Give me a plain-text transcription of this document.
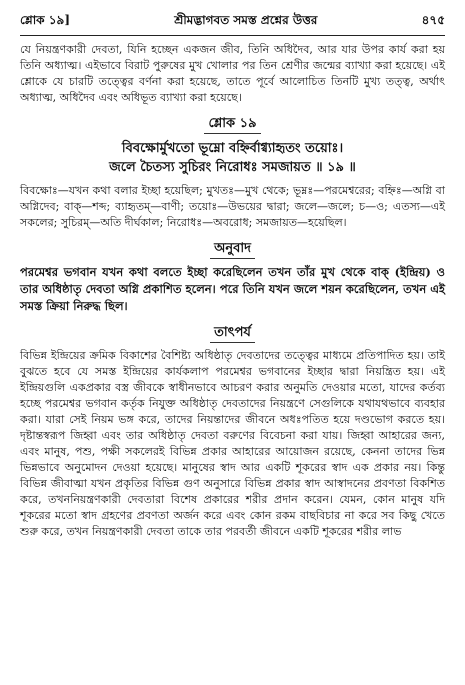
শ্লোক ১৯]	শ্রীমদ্ভাগবত সমস্ত প্রশ্নের উত্তর	৪৭৫

যে নিয়ন্ত্রণকারী দেবতা, যিনি হচ্ছেন একজন জীব, তিনি অধিদৈব, আর যার উপর কার্য করা হয় তিনি অধ্যাত্ম। এইভাবে বিরাট পুরুষের মুখ খোলার পর তিন শ্রেণীর জন্মের ব্যাখ্যা করা হয়েছে। এই শ্লোকে যে চারটি তত্ত্বের বর্ণনা করা হয়েছে, তাতে পূর্বে আলোচিত তিনটি মুখ্য তত্ত্ব, অর্থাৎ অধ্যাত্ম, অধিদৈব এবং অধিভূত ব্যাখ্যা করা হয়েছে।

শ্লোক ১৯
বিবক্ষোর্মুখতো ভূম্নো বহ্নির্বাগ্ব্যাহৃতং তয়োঃ।
জলে চৈতস্য সুচিরং নিরোধঃ সমজায়ত ॥ ১৯ ॥
বিবক্ষোঃ—যখন কথা বলার ইচ্ছা হয়েছিল; মুখতঃ—মুখ থেকে; ভূম্নঃ—পরমেশ্বরের; বহ্নিঃ—অগ্নি বা অগ্নিদেব; বাক্—শব্দ; ব্যাহৃতম্—বাণী; তয়োঃ—উভয়ের দ্বারা; জলে—জলে; চ—ও; এতস্য—এই সকলের; সুচিরম্—অতি দীর্ঘকাল; নিরোধঃ—অবরোধ; সমজায়ত—হয়েছিল।
অনুবাদ
পরমেশ্বর ভগবান যখন কথা বলতে ইচ্ছা করেছিলেন তখন তাঁর মুখ থেকে বাক্ (ইন্দ্রিয়) ও তার অধিষ্ঠাতৃ দেবতা অগ্নি প্রকাশিত হলেন। পরে তিনি যখন জলে শয়ন করেছিলেন, তখন এই সমস্ত ক্রিয়া নিরুদ্ধ ছিল।
তাৎপর্য

বিভিন্ন ইন্দ্রিয়ের ক্রমিক বিকাশের বৈশিষ্ট্য অধিষ্ঠাতৃ দেবতাদের তত্ত্বের মাধ্যমে প্রতিপাদিত হয়। তাই বুঝতে হবে যে সমস্ত ইন্দ্রিয়ের কার্যকলাপ পরমেশ্বর ভগবানের ইচ্ছার দ্বারা নিয়ন্ত্রিত হয়। এই ইন্দ্রিয়গুলি একপ্রকার বস্ত্র জীবকে স্বাধীনভাবে আচরণ করার অনুমতি দেওয়ার মতো, যাদের কর্তব্য হচ্ছে পরমেশ্বর ভগবান কর্তৃক নিযুক্ত অধিষ্ঠাতৃ দেবতাদের নিয়ন্ত্রণে সেগুলিকে যথাযথভাবে ব্যবহার করা। যারা সেই নিয়ম ভঙ্গ করে, তাদের নিয়ন্তাদের জীবনে অধঃপতিত হয়ে দণ্ডভোগ করতে হয়। দৃষ্টান্তস্বরূপ জিহ্বা এবং তার অধিষ্ঠাতৃ দেবতা বরুণের বিবেচনা করা যায়। জিহ্বা আহারের জন্য, এবং মানুষ, পশু, পক্ষী সকলেরই বিভিন্ন প্রকার আহারের আয়োজন রয়েছে, কেননা তাদের ভিন্ন ভিন্নভাবে অনুমোদন দেওয়া হয়েছে। মানুষের স্বাদ আর একটি শূকরের স্বাদ এক প্রকার নয়। কিন্তু বিভিন্ন জীবাত্মা যখন প্রকৃতির বিভিন্ন গুণ অনুসারে বিভিন্ন প্রকার স্বাদ আস্বাদনের প্রবণতা বিকশিত করে, তখননিয়ন্ত্রণকারী দেবতারা বিশেষ প্রকারের শরীর প্রদান করেন। যেমন, কোন মানুষ যদি শূকরের মতো স্বাদ গ্রহণের প্রবণতা অর্জন করে এবং কোন রকম বাছবিচার না করে সব কিছু খেতে শুরু করে, তখন নিয়ন্ত্রণকারী দেবতা তাকে তার পরবর্তী জীবনে একটি শূকরের শরীর লাভ
